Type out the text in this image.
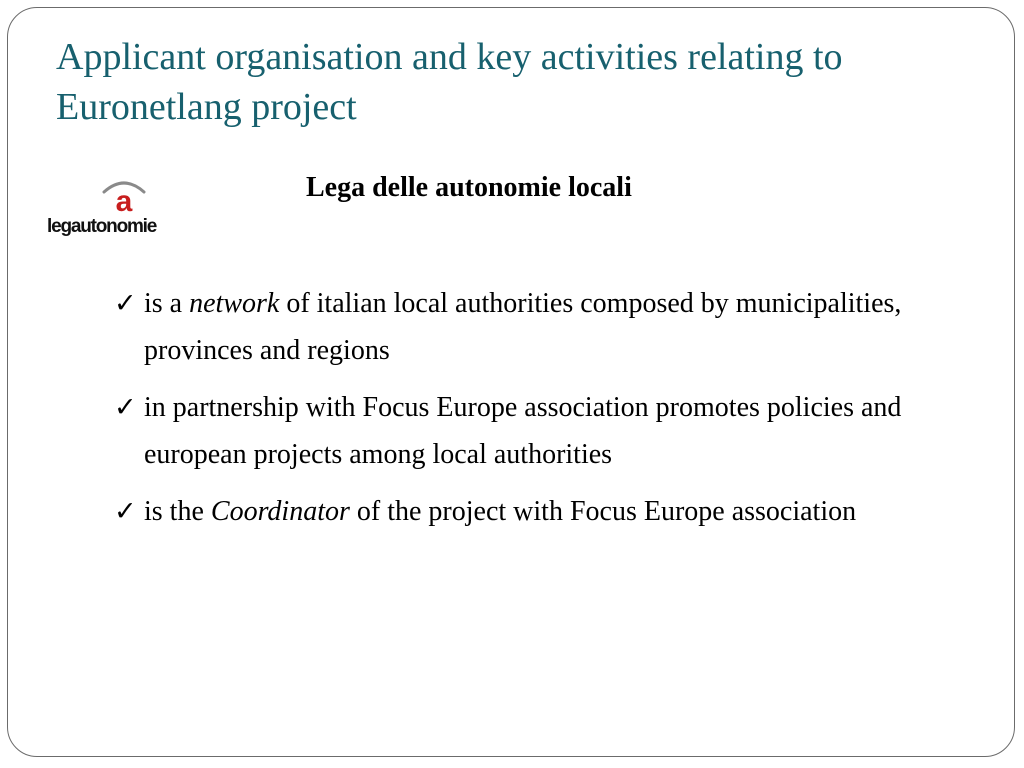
Applicant organisation and key activities relating to Euronetlang project
a
legautonomie

Lega delle autonomie locali

✓ is a network of italian local authorities composed by municipalities, provinces and regions
✓ in partnership with Focus Europe association promotes policies and european projects among local authorities
✓ is the Coordinator of the project with Focus Europe association
